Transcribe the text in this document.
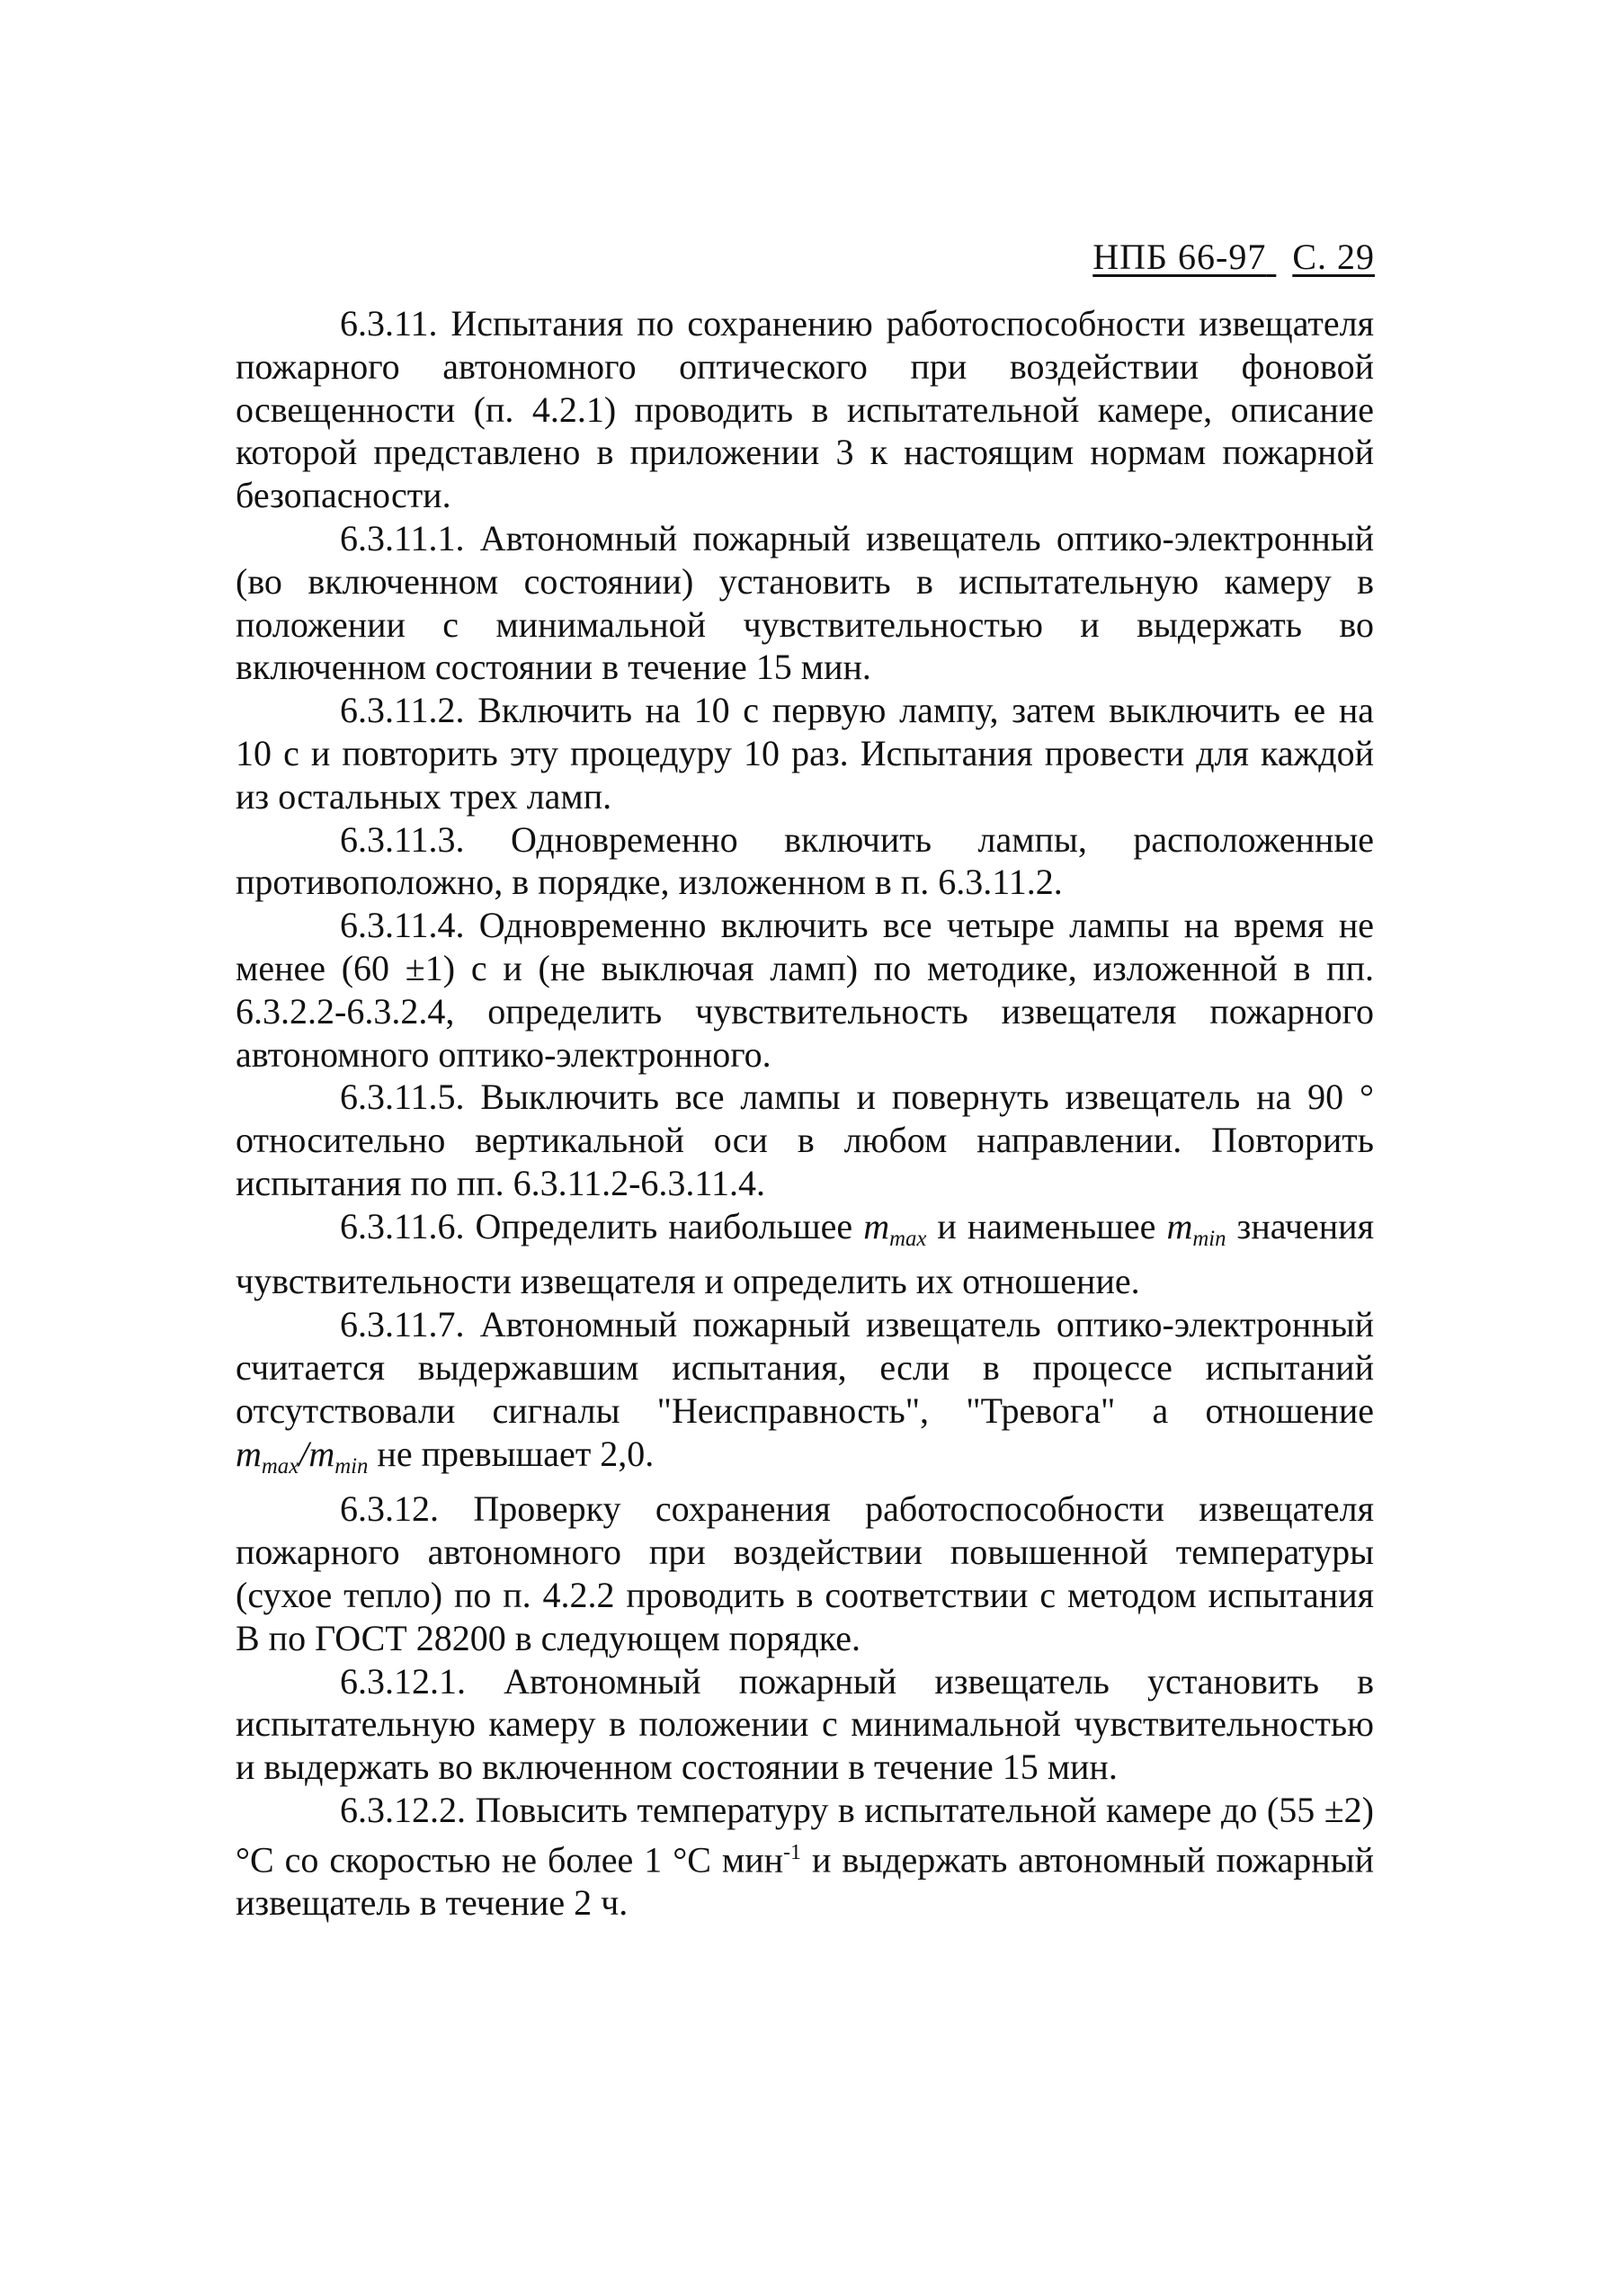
НПБ 66-97 С. 29

6.3.11. Испытания по сохранению работоспособности извещателя пожарного автономного оптического при воздействии фоновой освещенности (п. 4.2.1) проводить в испытательной камере, описание которой представлено в приложении 3 к настоящим нормам пожарной безопасности.

6.3.11.1. Автономный пожарный извещатель оптико-электронный (во включенном состоянии) установить в испытательную камеру в положении с минимальной чувствительностью и выдержать во включенном состоянии в течение 15 мин.

6.3.11.2. Включить на 10 с первую лампу, затем выключить ее на 10 с и повторить эту процедуру 10 раз. Испытания провести для каждой из остальных трех ламп.

6.3.11.3. Одновременно включить лампы, расположенные противоположно, в порядке, изложенном в п. 6.3.11.2.

6.3.11.4. Одновременно включить все четыре лампы на время не менее (60 ±1) с и (не выключая ламп) по методике, изложенной в пп. 6.3.2.2-6.3.2.4, определить чувствительность извещателя пожарного автономного оптико-электронного.

6.3.11.5. Выключить все лампы и повернуть извещатель на 90 ° относительно вертикальной оси в любом направлении. Повторить испытания по пп. 6.3.11.2-6.3.11.4.

6.3.11.6. Определить наибольшее $m_{max}$ и наименьшее $m_{min}$ значения чувствительности извещателя и определить их отношение.

6.3.11.7. Автономный пожарный извещатель оптико-электронный считается выдержавшим испытания, если в процессе испытаний отсутствовали сигналы "Неисправность", "Тревога" а отношение $m_{max}/m_{min}$ не превышает 2,0.

6.3.12. Проверку сохранения работоспособности извещателя пожарного автономного при воздействии повышенной температуры (сухое тепло) по п. 4.2.2 проводить в соответствии с методом испытания В по ГОСТ 28200 в следующем порядке.

6.3.12.1. Автономный пожарный извещатель установить в испытательную камеру в положении с минимальной чувствительностью и выдержать во включенном состоянии в течение 15 мин.

6.3.12.2. Повысить температуру в испытательной камере до (55 ±2) °С со скоростью не более 1 °С мин$^{-1}$ и выдержать автономный пожарный извещатель в течение 2 ч.
